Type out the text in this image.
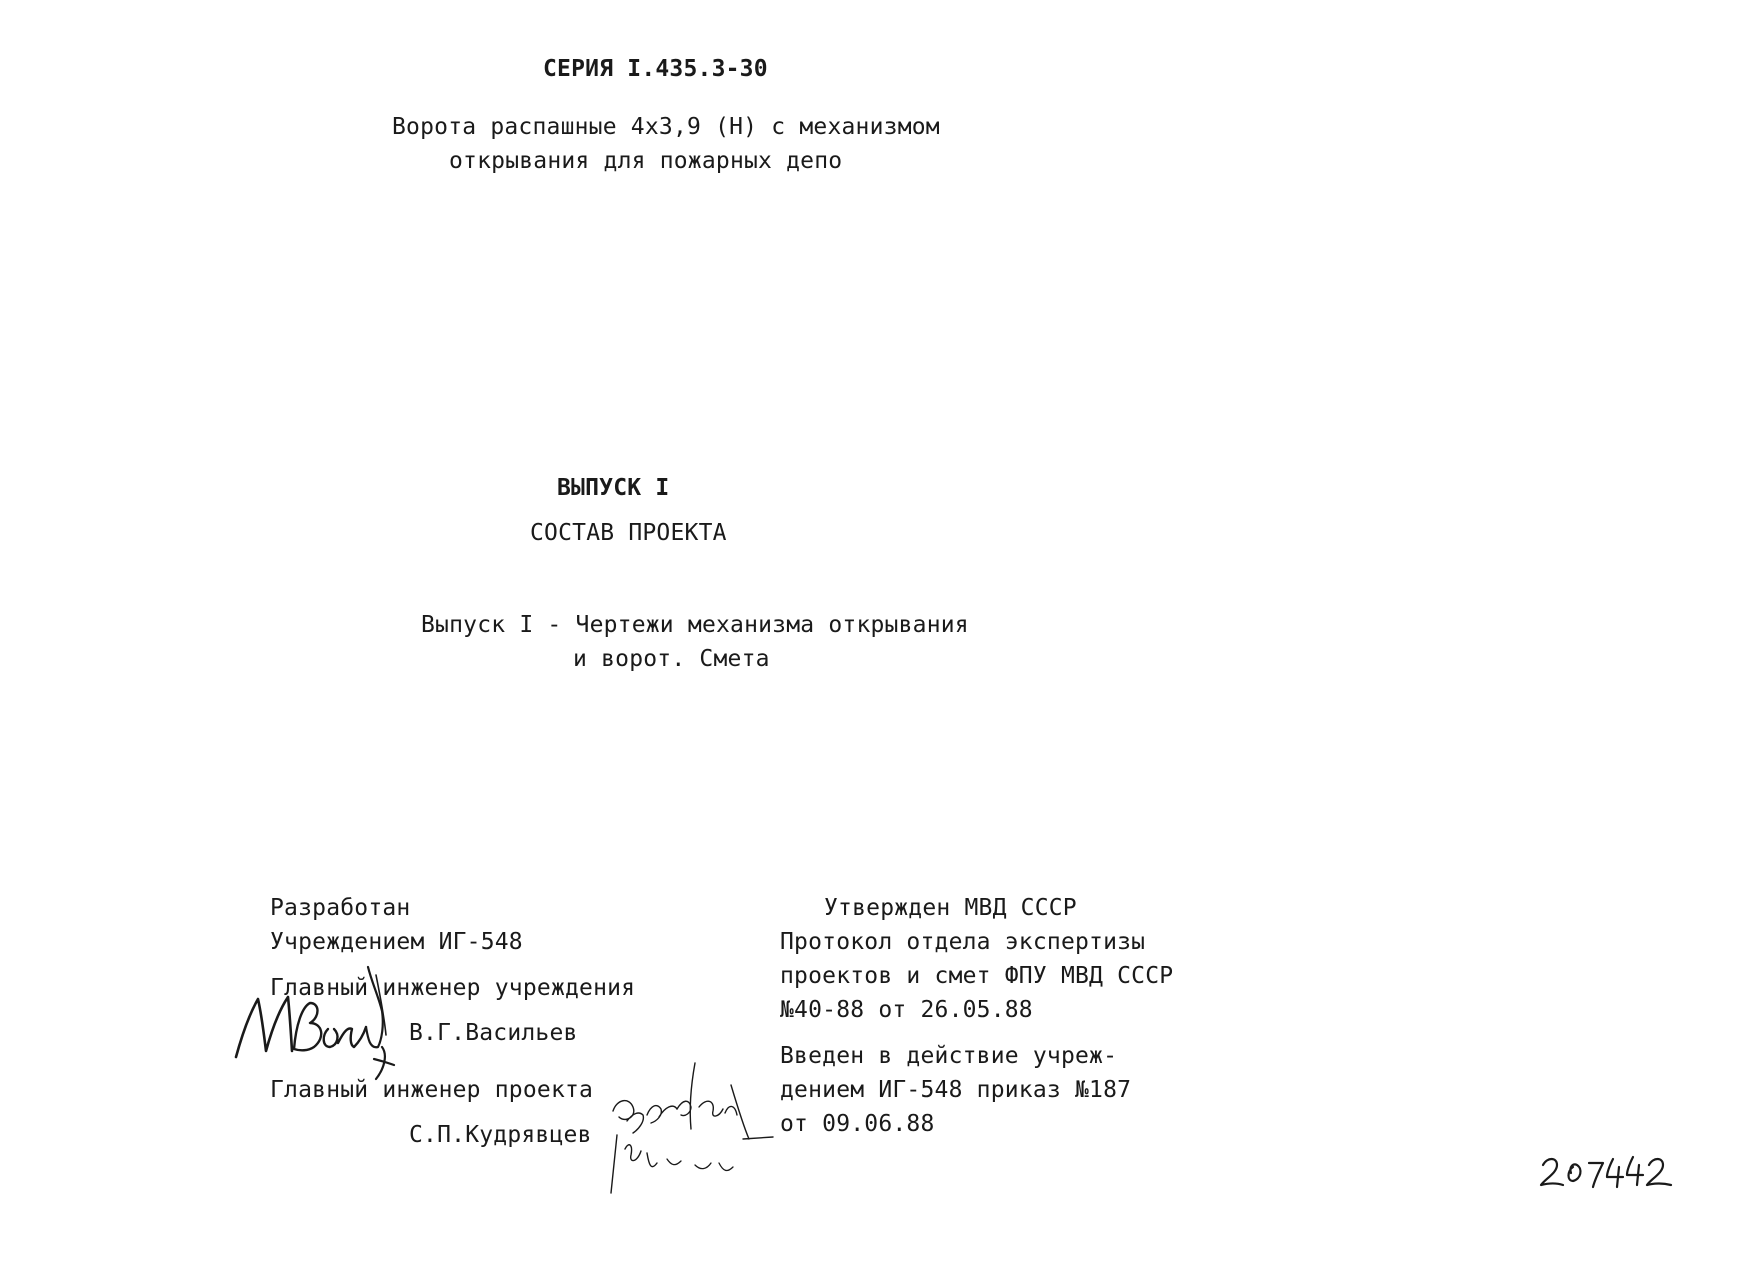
СЕРИЯ I.435.3-30
Ворота распашные 4х3,9 (Н) с механизмом
открывания для пожарных депо
ВЫПУСК I
СОСТАВ ПРОЕКТА
Выпуск I - Чертежи механизма открывания
и ворот. Смета
Разработан
Учреждением ИГ-548
Главный инженер учреждения
В.Г.Васильев
Главный инженер проекта
С.П.Кудрявцев
Утвержден МВД СССР
Протокол отдела экспертизы
проектов и смет ФПУ МВД СССР
№40-88 от 26.05.88
Введен в действие учреж-
дением ИГ-548 приказ №187
от 09.06.88
